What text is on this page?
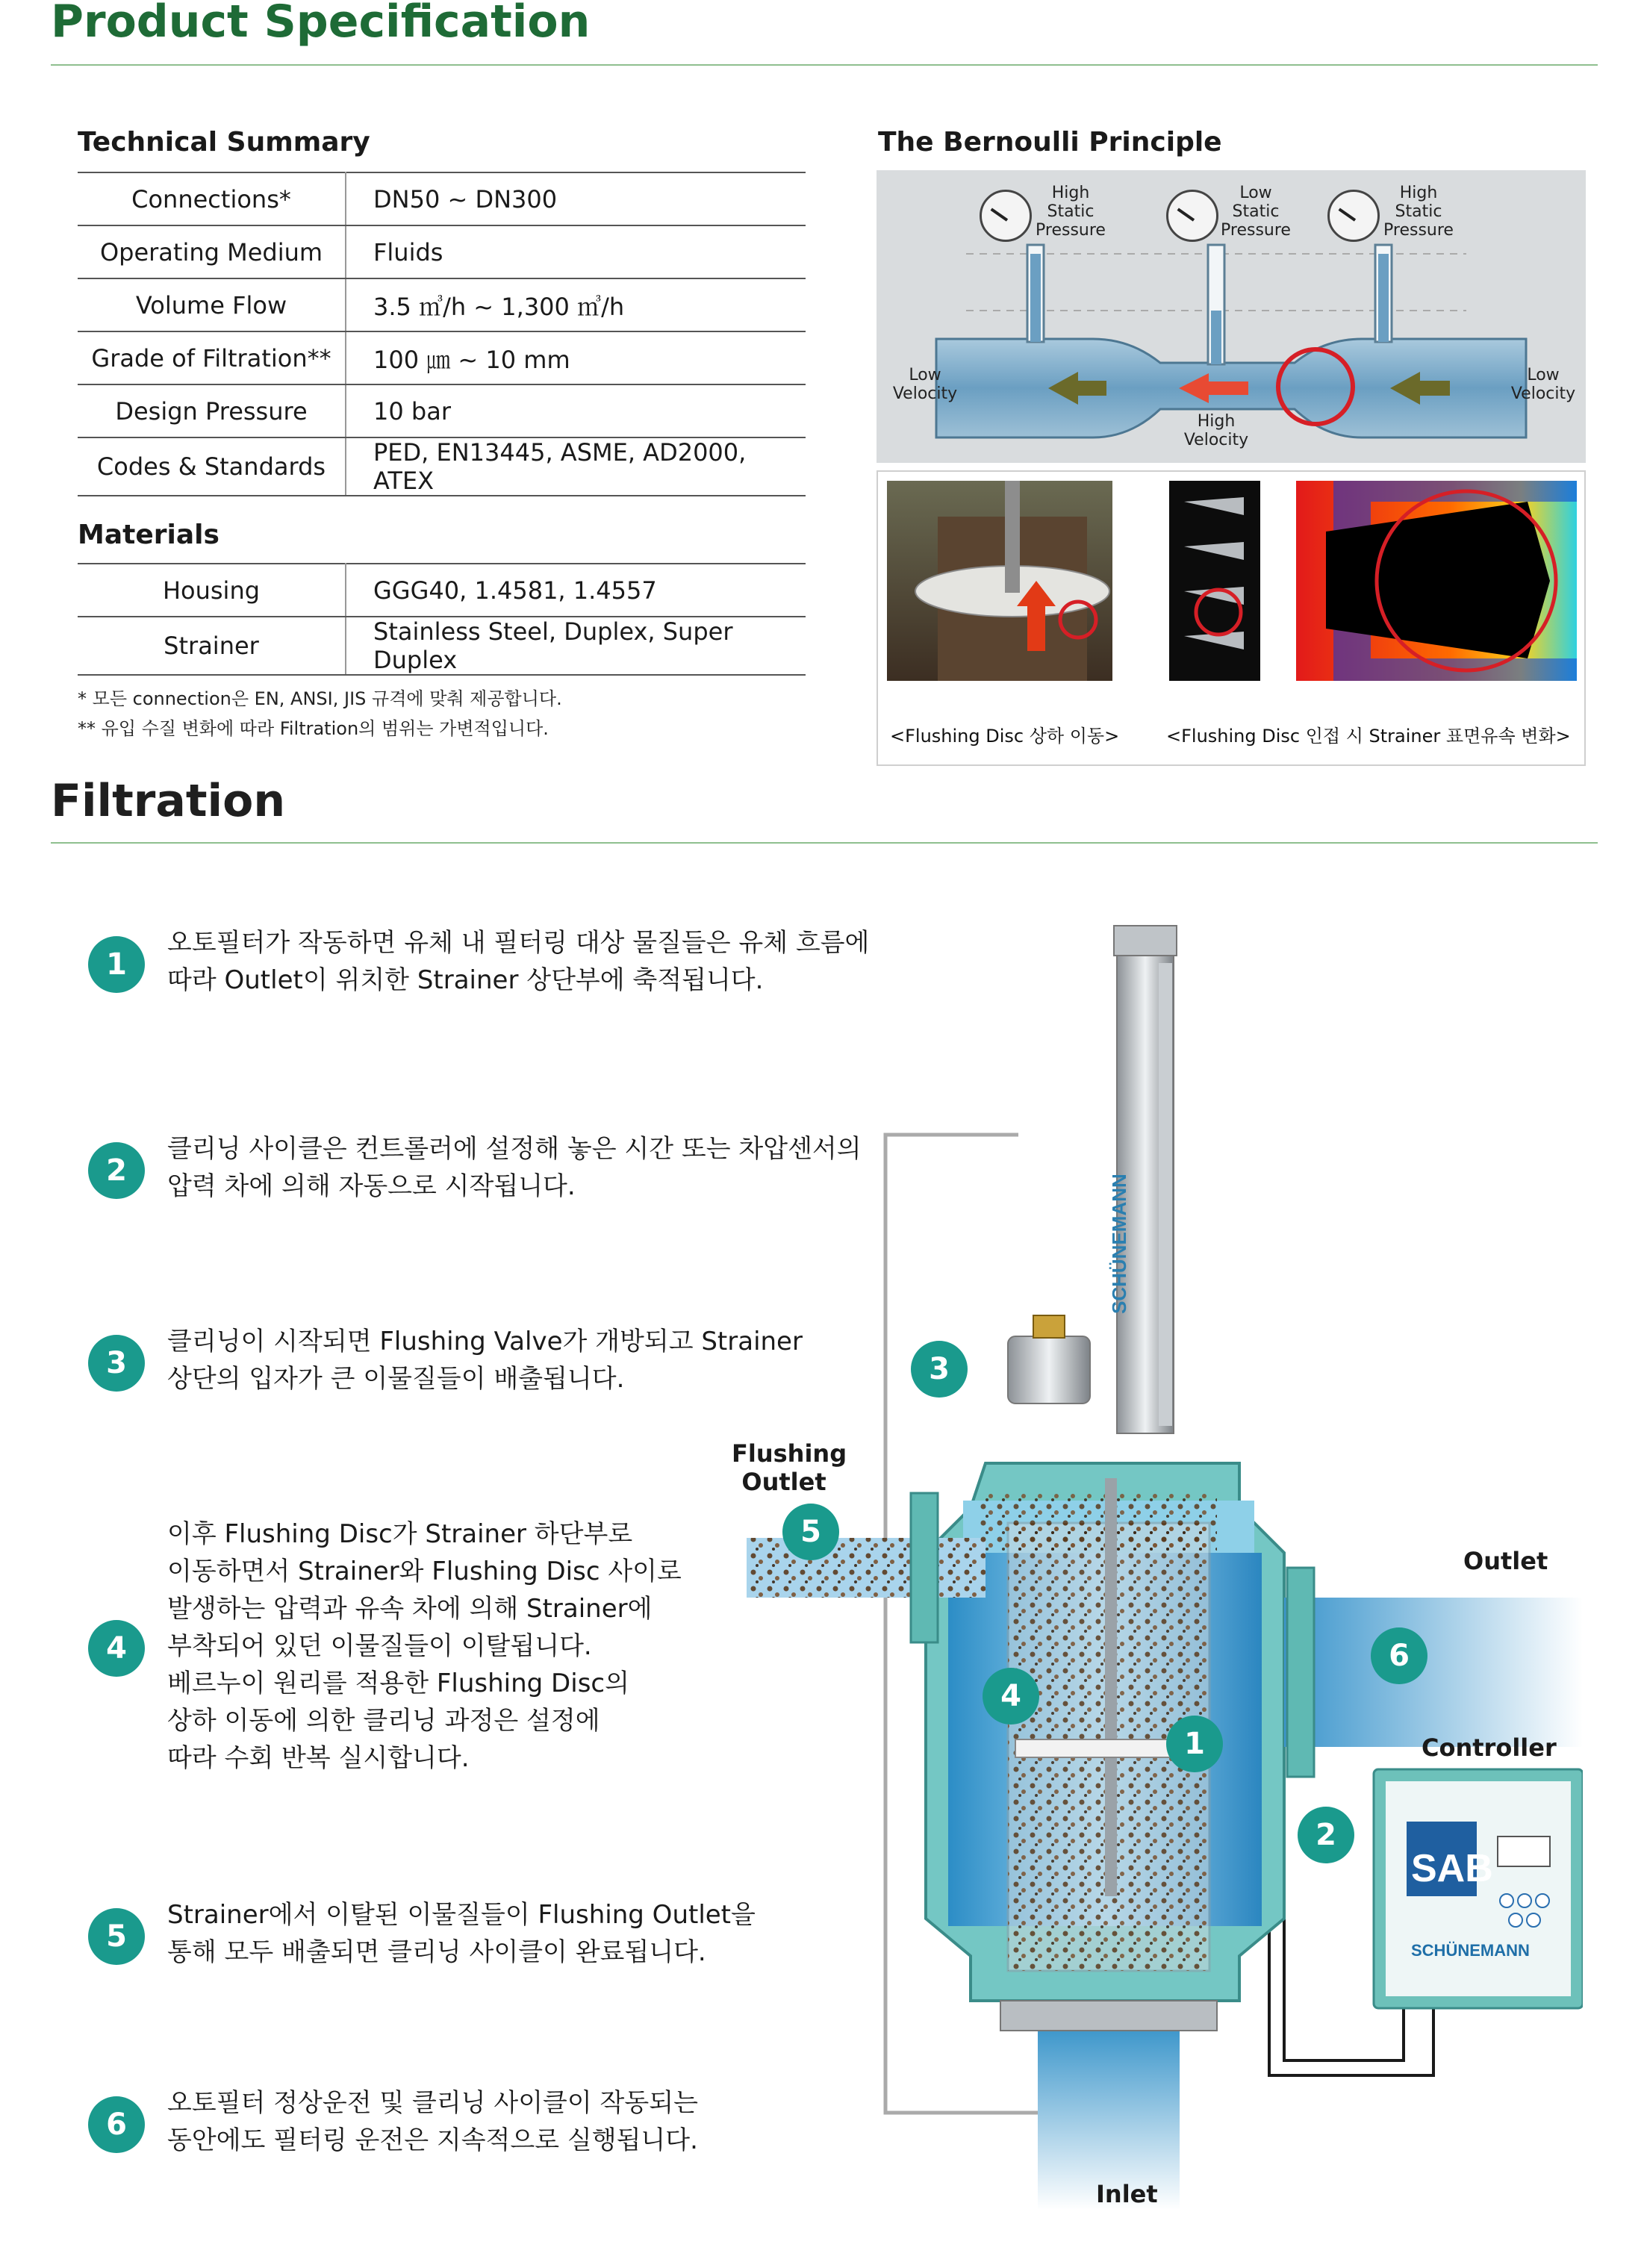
Product Specification
Technical Summary
Connections*	DN50 ~ DN300
Operating Medium	Fluids
Volume Flow	3.5 ㎥/h ~ 1,300 ㎥/h
Grade of Filtration**	100 ㎛ ~ 10 mm
Design Pressure	10 bar
Codes & Standards	PED, EN13445, ASME, AD2000, ATEX
Materials
Housing	GGG40, 1.4581, 1.4557
Strainer	Stainless Steel, Duplex, Super Duplex
* 모든 connection은 EN, ANSI, JIS 규격에 맞춰 제공합니다.
** 유입 수질 변화에 따라 Filtration의 범위는 가변적입니다.
The Bernoulli Principle
High
Static
Pressure
Low
Static
Pressure
High
Static
Pressure
Low
Velocity
High
Velocity
Low
Velocity
<Flushing Disc 상하 이동>	<Flushing Disc 인접 시 Strainer 표면유속 변화>
Filtration
1
오토필터가 작동하면 유체 내 필터링 대상 물질들은 유체 흐름에
따라 Outlet이 위치한 Strainer 상단부에 축적됩니다.
2
클리닝 사이클은 컨트롤러에 설정해 놓은 시간 또는 차압센서의
압력 차에 의해 자동으로 시작됩니다.
3
클리닝이 시작되면 Flushing Valve가 개방되고 Strainer
상단의 입자가 큰 이물질들이 배출됩니다.
4
이후 Flushing Disc가 Strainer 하단부로
이동하면서 Strainer와 Flushing Disc 사이로
발생하는 압력과 유속 차에 의해 Strainer에
부착되어 있던 이물질들이 이탈됩니다.
베르누이 원리를 적용한 Flushing Disc의
상하 이동에 의한 클리닝 과정은 설정에
따라 수회 반복 실시합니다.
5
Strainer에서 이탈된 이물질들이 Flushing Outlet을
통해 모두 배출되면 클리닝 사이클이 완료됩니다.
6
오토필터 정상운전 및 클리닝 사이클이 작동되는
동안에도 필터링 운전은 지속적으로 실행됩니다.
SCHÜNEMANN
SAB
SCHÜNEMANN
Flushing
Outlet
Outlet
Controller
Inlet
3
5
4
1
6
2
